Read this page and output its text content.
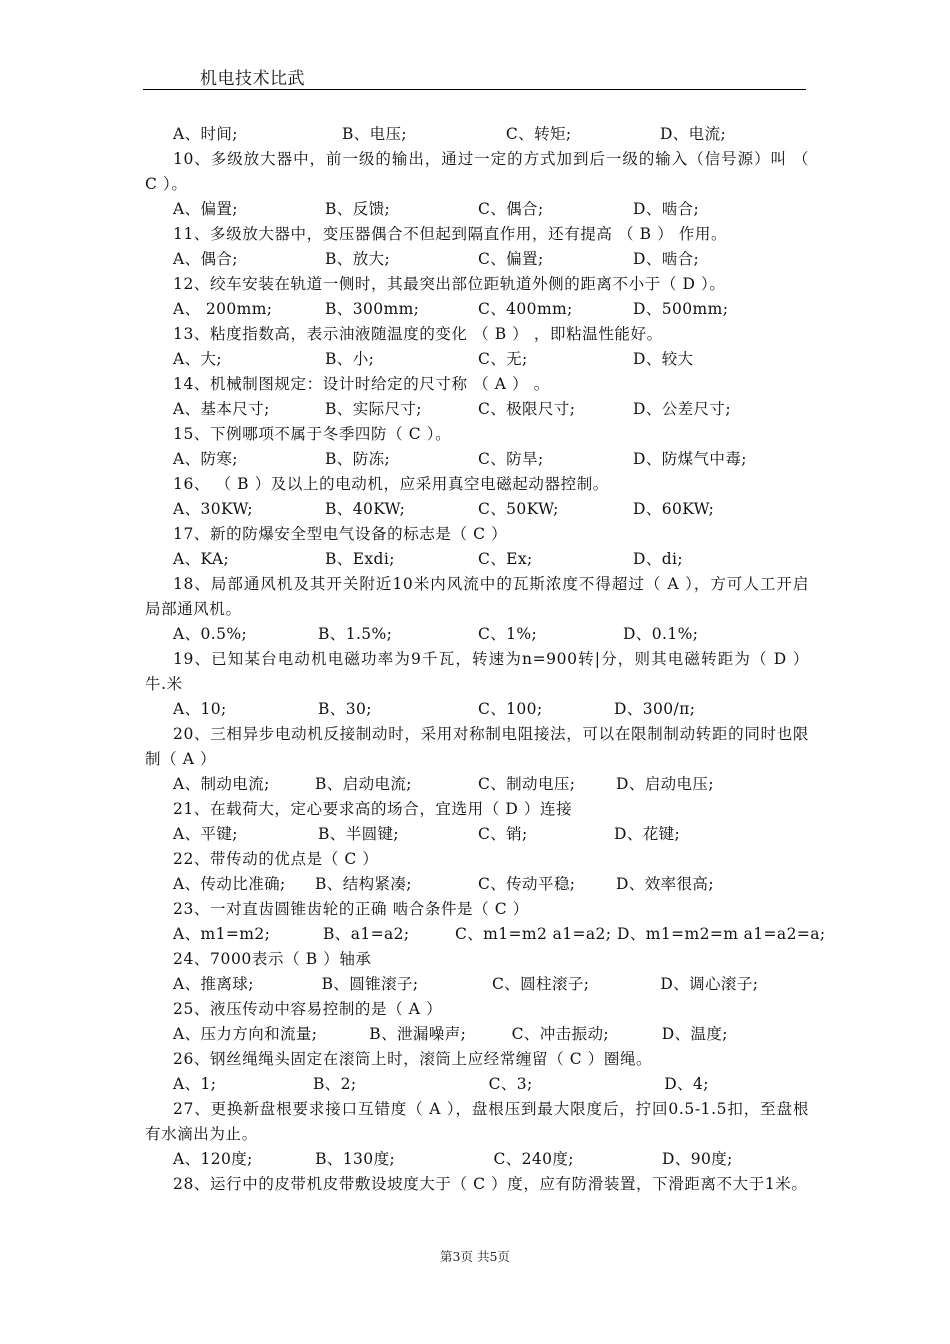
机电技术比武
A、时间;	B、电压;	C、转矩;	D、电流;

10、多级放大器中，前一级的输出，通过一定的方式加到后一级的输入（信号源）叫 （ C ）。

A、偏置;	B、反馈;	C、偶合;	D、啮合;

11、多级放大器中，变压器偶合不但起到隔直作用，还有提高 （ B ） 作用。

A、偶合;	B、放大;	C、偏置;	D、啮合;

12、绞车安装在轨道一侧时，其最突出部位距轨道外侧的距离不小于（ D ）。

A、 200mm;	B、300mm;	C、400mm;	D、500mm;

13、粘度指数高，表示油液随温度的变化 （ B ） ，即粘温性能好。

A、大;	B、小;	C、无;	D、较大

14、机械制图规定：设计时给定的尺寸称 （ A ） 。

A、基本尺寸;	B、实际尺寸;	C、极限尺寸;	D、公差尺寸;

15、下例哪项不属于冬季四防（ C ）。

A、防寒;	B、防冻;	C、防旱;	D、防煤气中毒;

16、 （ B ）及以上的电动机，应采用真空电磁起动器控制。

A、30KW;	B、40KW;	C、50KW;	D、60KW;

17、新的防爆安全型电气设备的标志是（ C ）

A、KA;	B、Exdi;	C、Ex;	D、di;

18、局部通风机及其开关附近10米内风流中的瓦斯浓度不得超过（ A ），方可人工开启局部通风机。

A、0.5%;	B、1.5%;	C、1%;	D、0.1%;

19、已知某台电动机电磁功率为9千瓦，转速为n=900转|分，则其电磁转距为（ D ）牛.米

A、10;	B、30;	C、100;	D、300/π;

20、三相异步电动机反接制动时，采用对称制电阻接法，可以在限制制动转距的同时也限制（ A ）

A、制动电流;	B、启动电流;	C、制动电压;	D、启动电压;

21、在载荷大，定心要求高的场合，宜选用（ D ）连接

A、平键;	B、半圆键;	C、销;	D、花键;

22、带传动的优点是（ C ）

A、传动比准确;	B、结构紧凑;	C、传动平稳;	D、效率很高;

23、一对直齿圆锥齿轮的正确 啮合条件是（ C ）

A、m1=m2;	B、a1=a2;	C、m1=m2 a1=a2; D、m1=m2=m a1=a2=a;

24、7000表示（ B ）轴承

A、推离球;	B、圆锥滚子;	C、圆柱滚子;	D、调心滚子;

25、液压传动中容易控制的是（ A ）

A、压力方向和流量;	B、泄漏噪声;	C、冲击振动;	D、温度;

26、钢丝绳绳头固定在滚筒上时，滚筒上应经常缠留（ C ）圈绳。

A、1;	B、2;	C、3;	D、4;

27、更换新盘根要求接口互错度（ A ），盘根压到最大限度后，拧回0.5-1.5扣，至盘根有水滴出为止。

A、120度;	B、130度;	C、240度;	D、90度;

28、运行中的皮带机皮带敷设坡度大于（ C ）度，应有防滑装置，下滑距离不大于1米。

第3页 共5页
